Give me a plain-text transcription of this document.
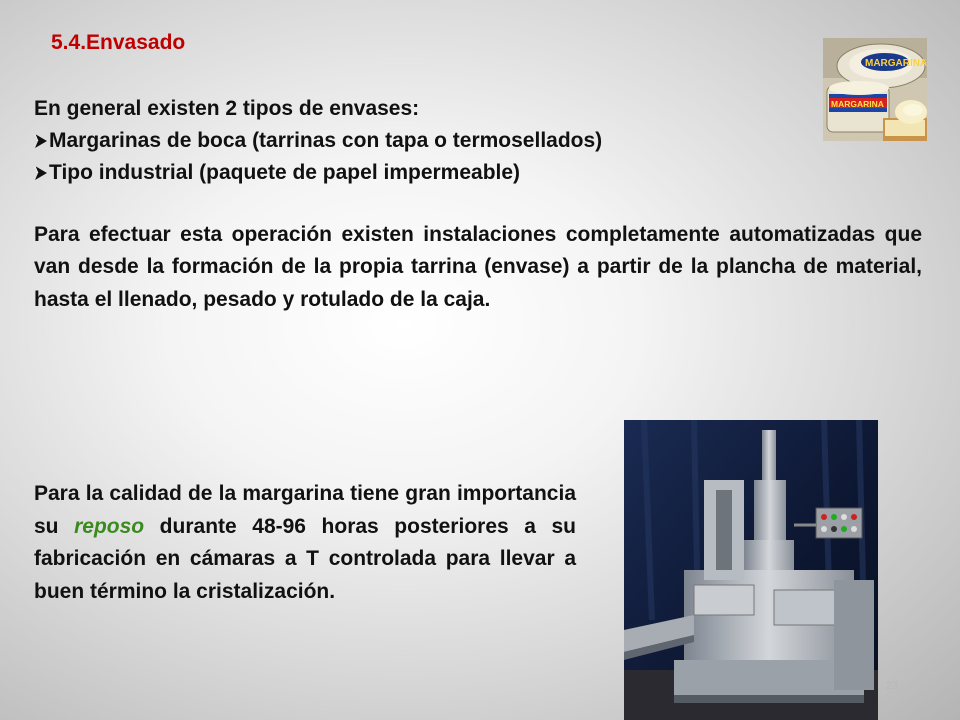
5.4.Envasado
En general existen 2 tipos de envases:
Margarinas de boca (tarrinas con tapa o termosellados)
Tipo industrial (paquete de papel impermeable)
Para efectuar esta operación existen instalaciones completamente automatizadas que van desde la formación de la propia tarrina (envase) a partir de la plancha de material, hasta el llenado, pesado y rotulado de la caja.
Para la calidad de la margarina tiene gran importancia su reposo durante 48-96 horas posteriores a su fabricación en cámaras a T controlada para llevar a buen término la cristalización.
MARGARINA
MARGARINA
23
